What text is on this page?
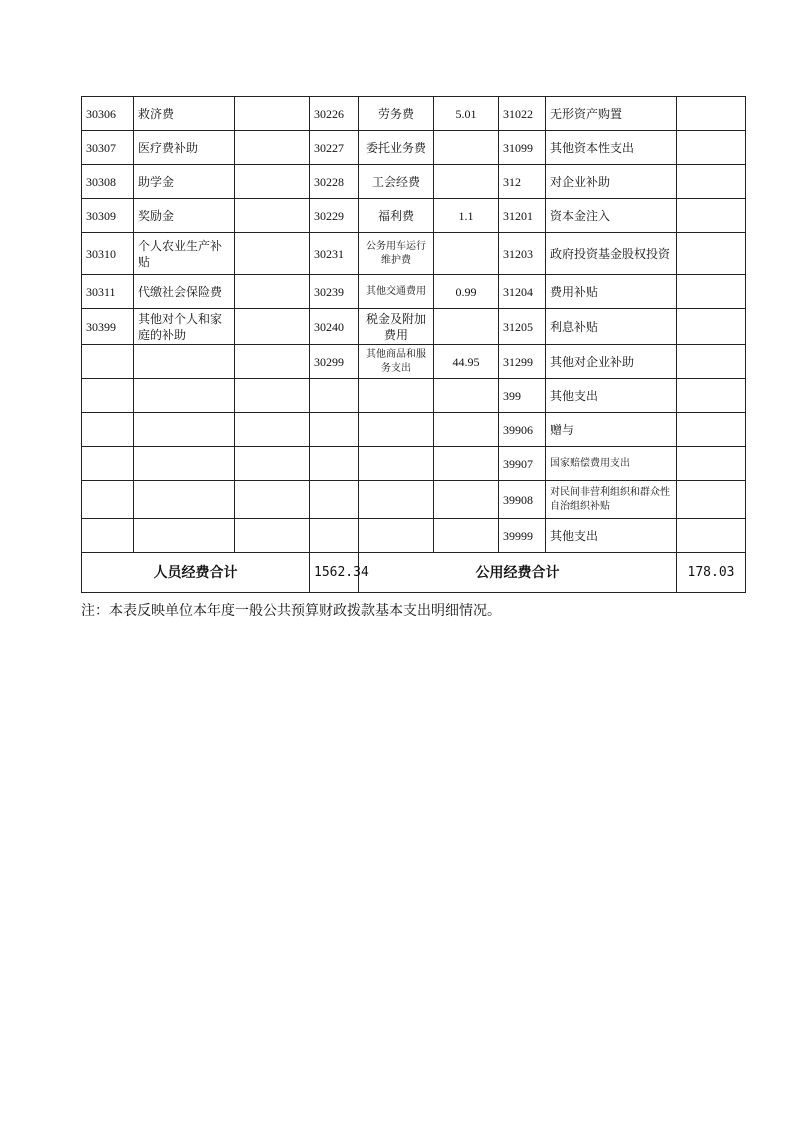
30306	救济费		30226	劳务费	5.01	31022	无形资产购置	
30307	医疗费补助		30227	委托业务费		31099	其他资本性支出	
30308	助学金		30228	工会经费		312	对企业补助	
30309	奖励金		30229	福利费	1.1	31201	资本金注入	
30310	个人农业生产补贴		30231	公务用车运行维护费		31203	政府投资基金股权投资	
30311	代缴社会保险费		30239	其他交通费用	0.99	31204	费用补贴	
30399	其他对个人和家庭的补助		30240	税金及附加费用		31205	利息补贴	
			30299	其他商品和服务支出	44.95	31299	其他对企业补助	
						399	其他支出	
						39906	赠与	
						39907	国家赔偿费用支出	
						39908	对民间非营利组织和群众性自治组织补贴	
						39999	其他支出	
人员经费合计			1562.34	公用经费合计				178.03
注：本表反映单位本年度一般公共预算财政拨款基本支出明细情况。
